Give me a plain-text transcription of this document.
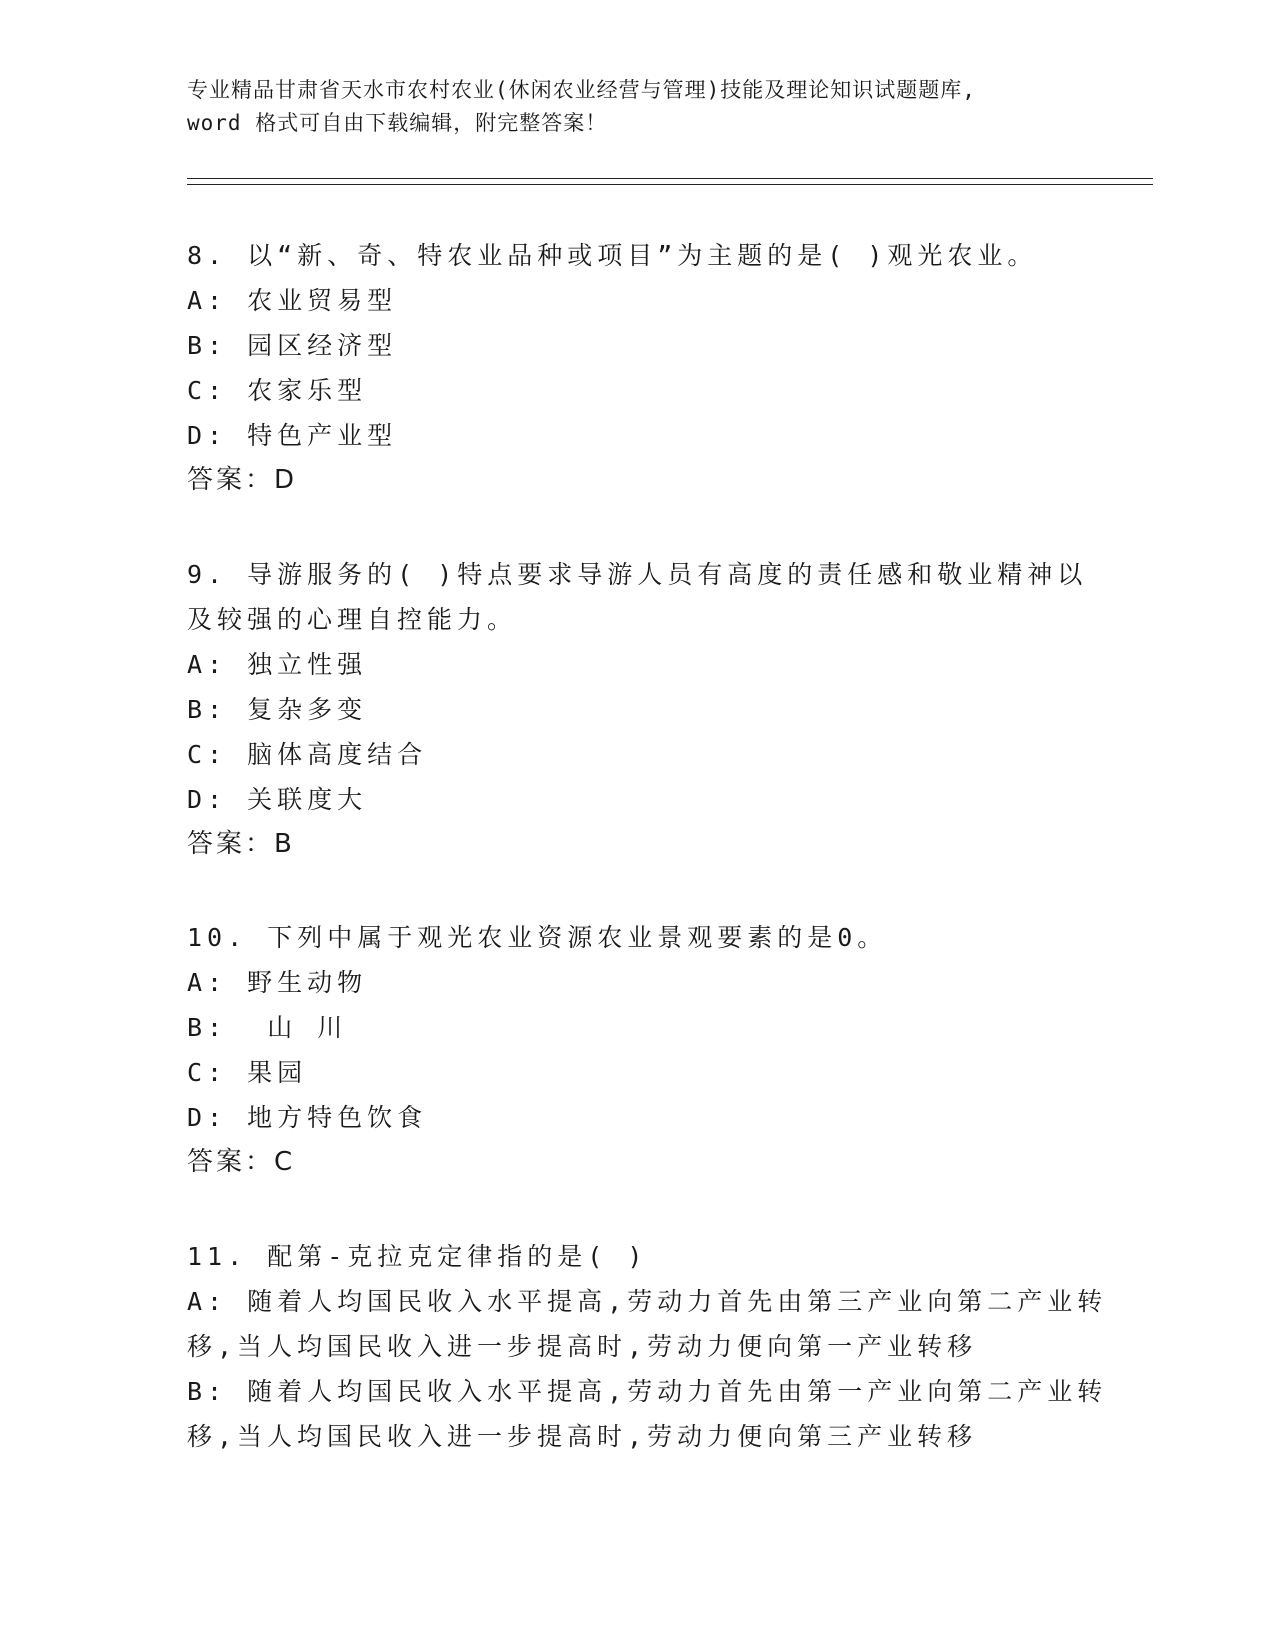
专业精品甘肃省天水市农村农业(休闲农业经营与管理)技能及理论知识试题题库,
word 格式可自由下载编辑，附完整答案！
8. 以“新、奇、特农业品种或项目”为主题的是( )观光农业。
A: 农业贸易型
B: 园区经济型
C: 农家乐型
D: 特色产业型
答案：D
9. 导游服务的( )特点要求导游人员有高度的责任感和敬业精神以
及较强的心理自控能力。
A: 独立性强
B: 复杂多变
C: 脑体高度结合
D: 关联度大
答案：B
10. 下列中属于观光农业资源农业景观要素的是0。
A: 野生动物
B:  山 川
C: 果园
D: 地方特色饮食
答案：C
11. 配第-克拉克定律指的是( )
A: 随着人均国民收入水平提高,劳动力首先由第三产业向第二产业转
移,当人均国民收入进一步提高时,劳动力便向第一产业转移
B: 随着人均国民收入水平提高,劳动力首先由第一产业向第二产业转
移,当人均国民收入进一步提高时,劳动力便向第三产业转移
